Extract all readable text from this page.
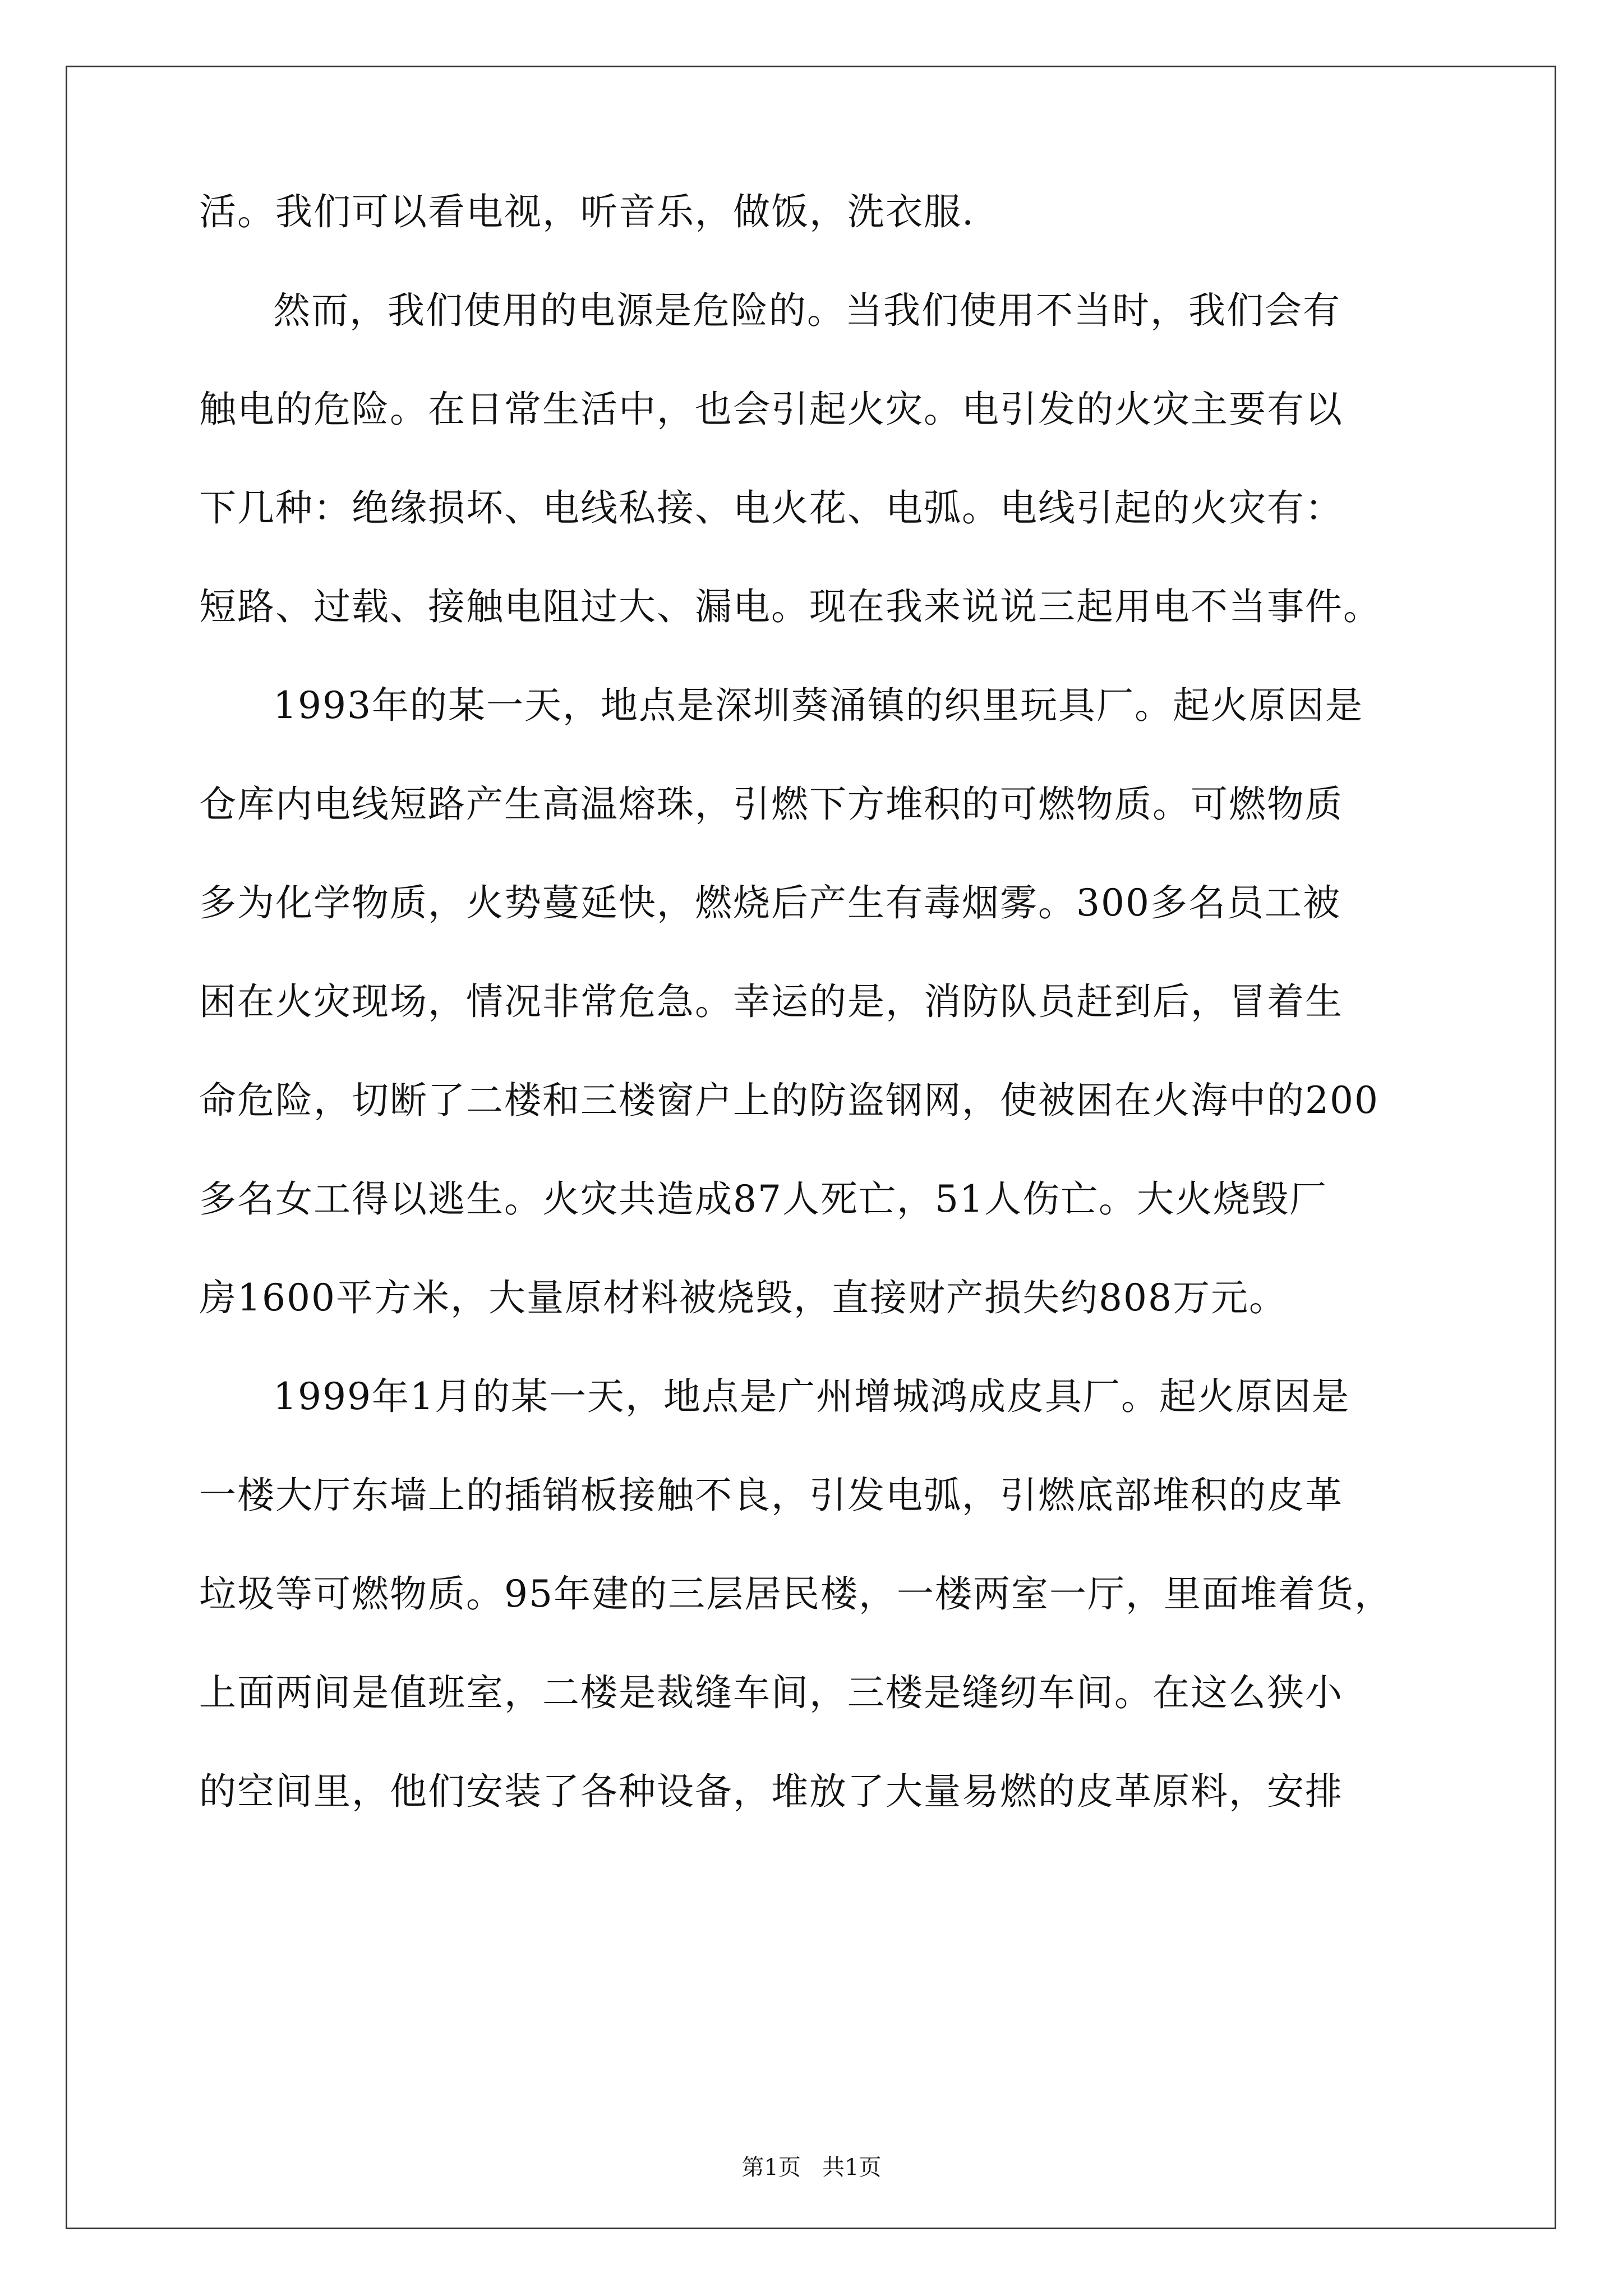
活。我们可以看电视，听音乐，做饭，洗衣服.
然而，我们使用的电源是危险的。当我们使用不当时，我们会有
触电的危险。在日常生活中，也会引起火灾。电引发的火灾主要有以
下几种：绝缘损坏、电线私接、电火花、电弧。电线引起的火灾有：
短路、过载、接触电阻过大、漏电。现在我来说说三起用电不当事件。
1993年的某一天，地点是深圳葵涌镇的织里玩具厂。起火原因是
仓库内电线短路产生高温熔珠，引燃下方堆积的可燃物质。可燃物质
多为化学物质，火势蔓延快，燃烧后产生有毒烟雾。300多名员工被
困在火灾现场，情况非常危急。幸运的是，消防队员赶到后，冒着生
命危险，切断了二楼和三楼窗户上的防盗钢网，使被困在火海中的200
多名女工得以逃生。火灾共造成87人死亡，51人伤亡。大火烧毁厂
房1600平方米，大量原材料被烧毁，直接财产损失约808万元。
1999年1月的某一天，地点是广州增城鸿成皮具厂。起火原因是
一楼大厅东墙上的插销板接触不良，引发电弧，引燃底部堆积的皮革
垃圾等可燃物质。95年建的三层居民楼，一楼两室一厅，里面堆着货，
上面两间是值班室，二楼是裁缝车间，三楼是缝纫车间。在这么狭小
的空间里，他们安装了各种设备，堆放了大量易燃的皮革原料，安排
第1页   共1页
